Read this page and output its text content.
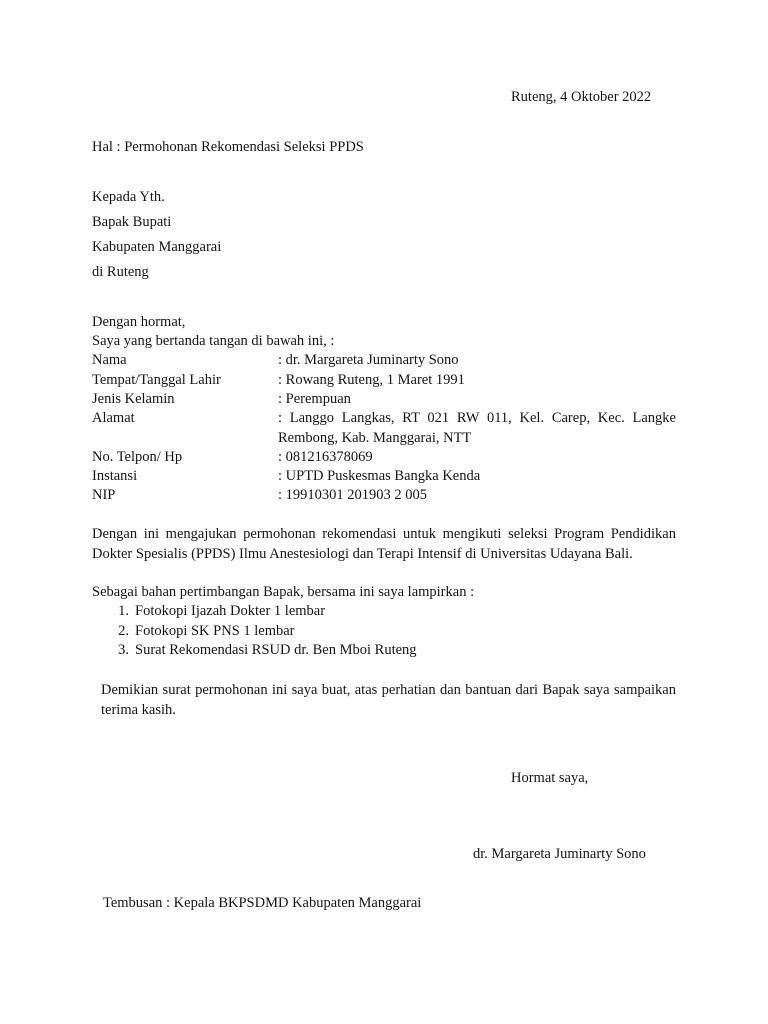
Ruteng, 4 Oktober 2022
Hal : Permohonan Rekomendasi Seleksi PPDS
Kepada Yth.
Bapak Bupati
Kabupaten Manggarai
di Ruteng
Dengan hormat,
Saya yang bertanda tangan di bawah ini, :
Nama	: dr. Margareta Juminarty Sono
Tempat/Tanggal Lahir	: Rowang Ruteng, 1 Maret 1991
Jenis Kelamin	: Perempuan
Alamat	: Langgo Langkas, RT 021 RW 011, Kel. Carep, Kec. Langke Rembong, Kab. Manggarai, NTT
No. Telpon/ Hp	: 081216378069
Instansi	: UPTD Puskesmas Bangka Kenda
NIP	: 19910301 201903 2 005
Dengan ini mengajukan permohonan rekomendasi untuk mengikuti seleksi Program Pendidikan Dokter Spesialis (PPDS) Ilmu Anestesiologi dan Terapi Intensif di Universitas Udayana Bali.
Sebagai bahan pertimbangan Bapak, bersama ini saya lampirkan :
1. Fotokopi Ijazah Dokter 1 lembar
2. Fotokopi SK PNS 1 lembar
3. Surat Rekomendasi RSUD dr. Ben Mboi Ruteng
Demikian surat permohonan ini saya buat, atas perhatian dan bantuan dari Bapak saya sampaikan terima kasih.
Hormat saya,
dr. Margareta Juminarty Sono
Tembusan : Kepala BKPSDMD Kabupaten Manggarai
